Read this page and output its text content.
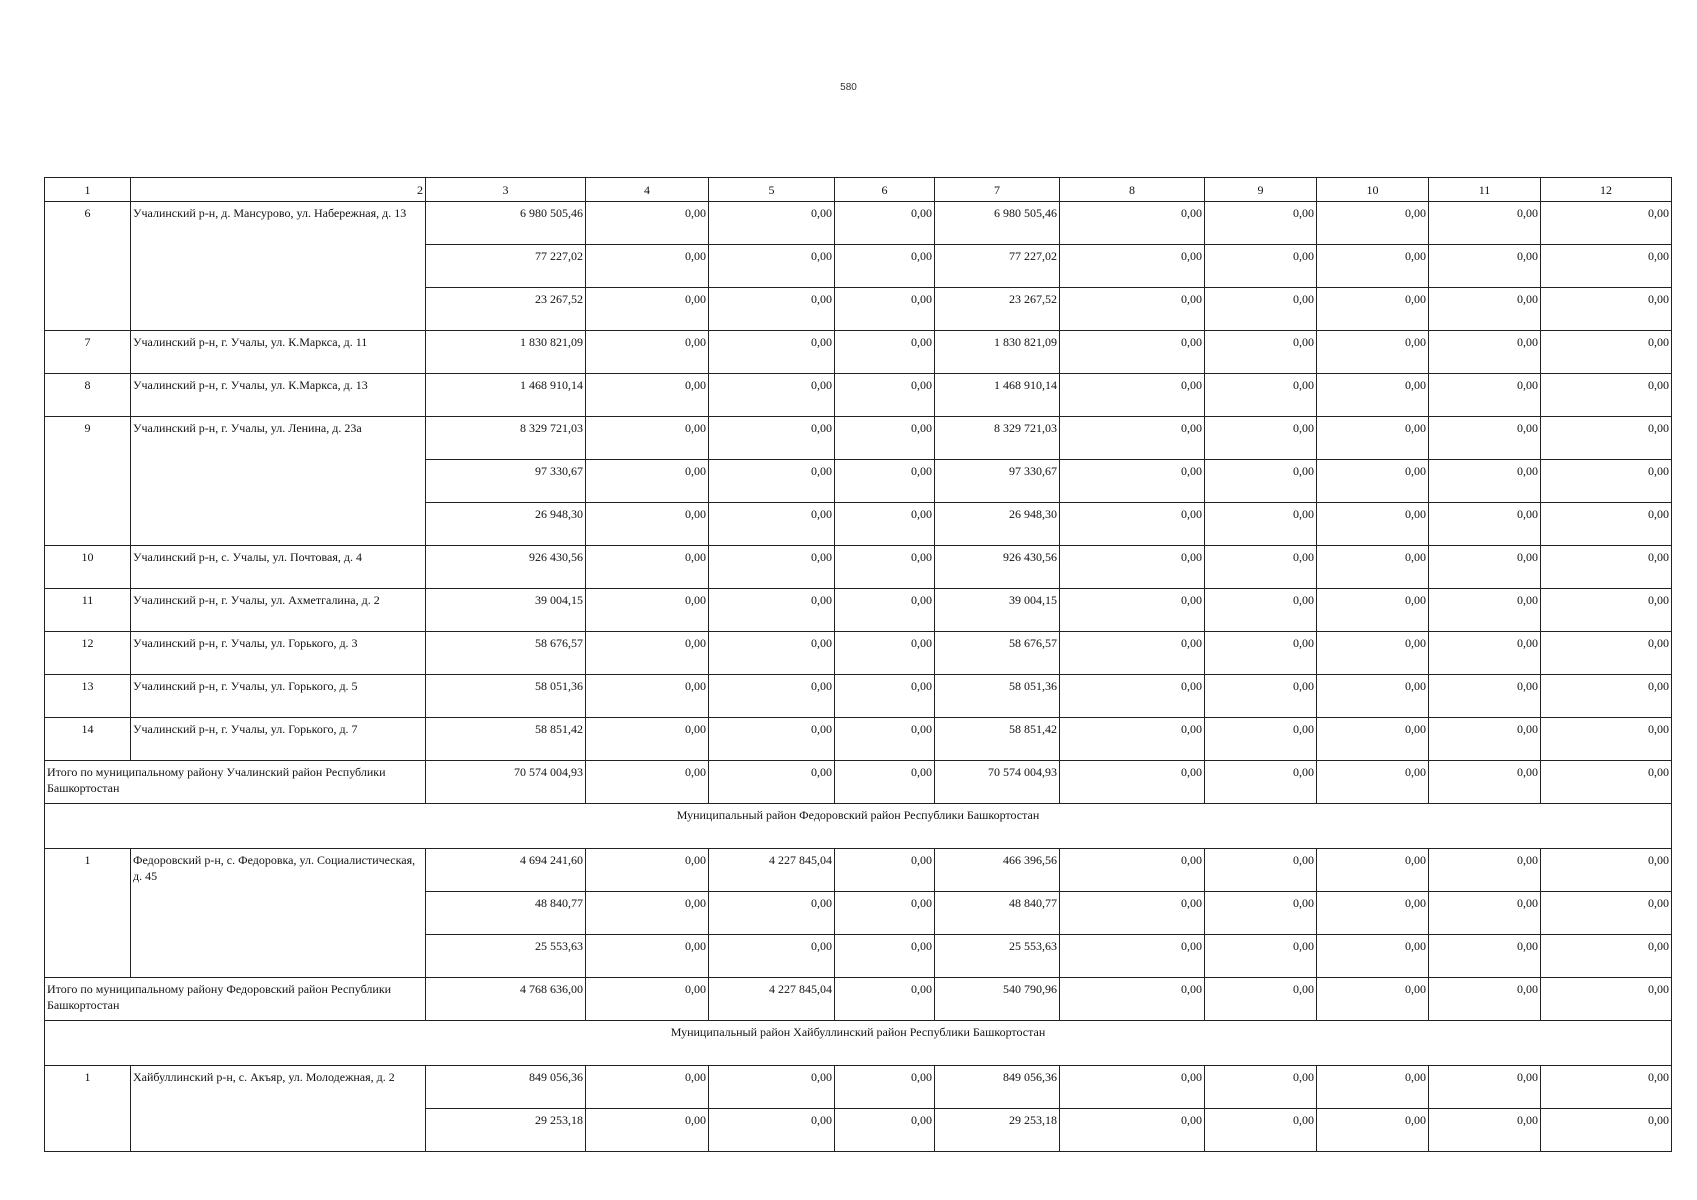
580
1	2	3	4	5	6	7	8	9	10	11	12
6	Учалинский р-н, д. Мансурово, ул. Набережная, д. 13	6 980 505,46	0,00	0,00	0,00	6 980 505,46	0,00	0,00	0,00	0,00	0,00
		77 227,02	0,00	0,00	0,00	77 227,02	0,00	0,00	0,00	0,00	0,00
		23 267,52	0,00	0,00	0,00	23 267,52	0,00	0,00	0,00	0,00	0,00
7	Учалинский р-н, г. Учалы, ул. К.Маркса, д. 11	1 830 821,09	0,00	0,00	0,00	1 830 821,09	0,00	0,00	0,00	0,00	0,00
8	Учалинский р-н, г. Учалы, ул. К.Маркса, д. 13	1 468 910,14	0,00	0,00	0,00	1 468 910,14	0,00	0,00	0,00	0,00	0,00
9	Учалинский р-н, г. Учалы, ул. Ленина, д. 23а	8 329 721,03	0,00	0,00	0,00	8 329 721,03	0,00	0,00	0,00	0,00	0,00
		97 330,67	0,00	0,00	0,00	97 330,67	0,00	0,00	0,00	0,00	0,00
		26 948,30	0,00	0,00	0,00	26 948,30	0,00	0,00	0,00	0,00	0,00
10	Учалинский р-н, с. Учалы, ул. Почтовая, д. 4	926 430,56	0,00	0,00	0,00	926 430,56	0,00	0,00	0,00	0,00	0,00
11	Учалинский р-н, г. Учалы, ул. Ахметгалина, д. 2	39 004,15	0,00	0,00	0,00	39 004,15	0,00	0,00	0,00	0,00	0,00
12	Учалинский р-н, г. Учалы, ул. Горького, д. 3	58 676,57	0,00	0,00	0,00	58 676,57	0,00	0,00	0,00	0,00	0,00
13	Учалинский р-н, г. Учалы, ул. Горького, д. 5	58 051,36	0,00	0,00	0,00	58 051,36	0,00	0,00	0,00	0,00	0,00
14	Учалинский р-н, г. Учалы, ул. Горького, д. 7	58 851,42	0,00	0,00	0,00	58 851,42	0,00	0,00	0,00	0,00	0,00
Итого по муниципальному району Учалинский район Республики Башкортостан		70 574 004,93	0,00	0,00	0,00	70 574 004,93	0,00	0,00	0,00	0,00	0,00
Муниципальный район Федоровский район Республики Башкортостан											
1	Федоровский р-н, с. Федоровка, ул. Социалистическая, д. 45	4 694 241,60	0,00	4 227 845,04	0,00	466 396,56	0,00	0,00	0,00	0,00	0,00
		48 840,77	0,00	0,00	0,00	48 840,77	0,00	0,00	0,00	0,00	0,00
		25 553,63	0,00	0,00	0,00	25 553,63	0,00	0,00	0,00	0,00	0,00
Итого по муниципальному району Федоровский район Республики Башкортостан		4 768 636,00	0,00	4 227 845,04	0,00	540 790,96	0,00	0,00	0,00	0,00	0,00
Муниципальный район Хайбуллинский район Республики Башкортостан											
1	Хайбуллинский р-н, с. Акъяр, ул. Молодежная, д. 2	849 056,36	0,00	0,00	0,00	849 056,36	0,00	0,00	0,00	0,00	0,00
		29 253,18	0,00	0,00	0,00	29 253,18	0,00	0,00	0,00	0,00	0,00
